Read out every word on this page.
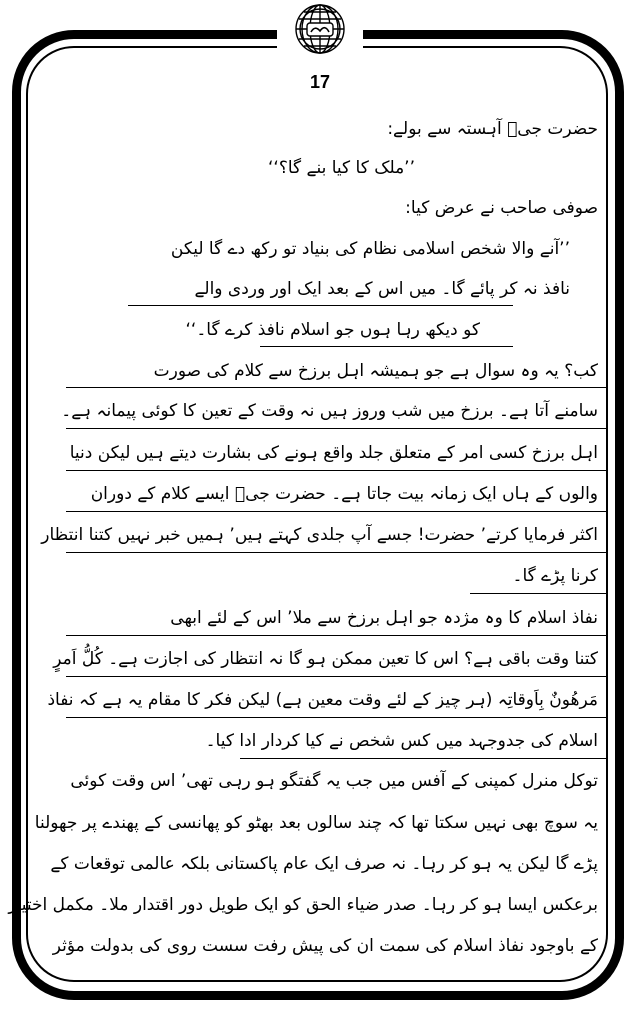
17
حضرت جیؒ آہستہ سے بولے:
’’ملک کا کیا بنے گا؟‘‘
صوفی صاحب نے عرض کیا:
’’آنے والا شخص اسلامی نظام کی بنیاد تو رکھ دے گا لیکن
نافذ نہ کر پائے گا۔ میں اس کے بعد ایک اور وردی والے
کو دیکھ رہا ہوں جو اسلام نافذ کرے گا۔‘‘
کب؟ یہ وہ سوال ہے جو ہمیشہ اہل برزخ سے کلام کی صورت
سامنے آتا ہے۔ برزخ میں شب وروز ہیں نہ وقت کے تعین کا کوئی پیمانہ ہے۔
اہل برزخ کسی امر کے متعلق جلد واقع ہونے کی بشارت دیتے ہیں لیکن دنیا
والوں کے ہاں ایک زمانہ بیت جاتا ہے۔ حضرت جیؒ ایسے کلام کے دوران
اکثر فرمایا کرتے’ حضرت! جسے آپ جلدی کہتے ہیں’ ہمیں خبر نہیں کتنا انتظار
کرنا پڑے گا۔
نفاذ اسلام کا وہ مژدہ جو اہل برزخ سے ملا’ اس کے لئے ابھی
کتنا وقت باقی ہے؟ اس کا تعین ممکن ہو گا نہ انتظار کی اجازت ہے۔ کُلُّ اَمرٍ
مَرھُونٌ بِاَوقاتِہ (ہر چیز کے لئے وقت معین ہے) لیکن فکر کا مقام یہ ہے کہ نفاذ
اسلام کی جدوجہد میں کس شخص نے کیا کردار ادا کیا۔
توکل منرل کمپنی کے آفس میں جب یہ گفتگو ہو رہی تھی’ اس وقت کوئی
یہ سوچ بھی نہیں سکتا تھا کہ چند سالوں بعد بھٹو کو پھانسی کے پھندے پر جھولنا
پڑے گا لیکن یہ ہو کر رہا۔ نہ صرف ایک عام پاکستانی بلکہ عالمی توقعات کے
برعکس ایسا ہو کر رہا۔ صدر ضیاء الحق کو ایک طویل دور اقتدار ملا۔ مکمل اختیار
کے باوجود نفاذ اسلام کی سمت ان کی پیش رفت سست روی کی بدولت مؤثر
